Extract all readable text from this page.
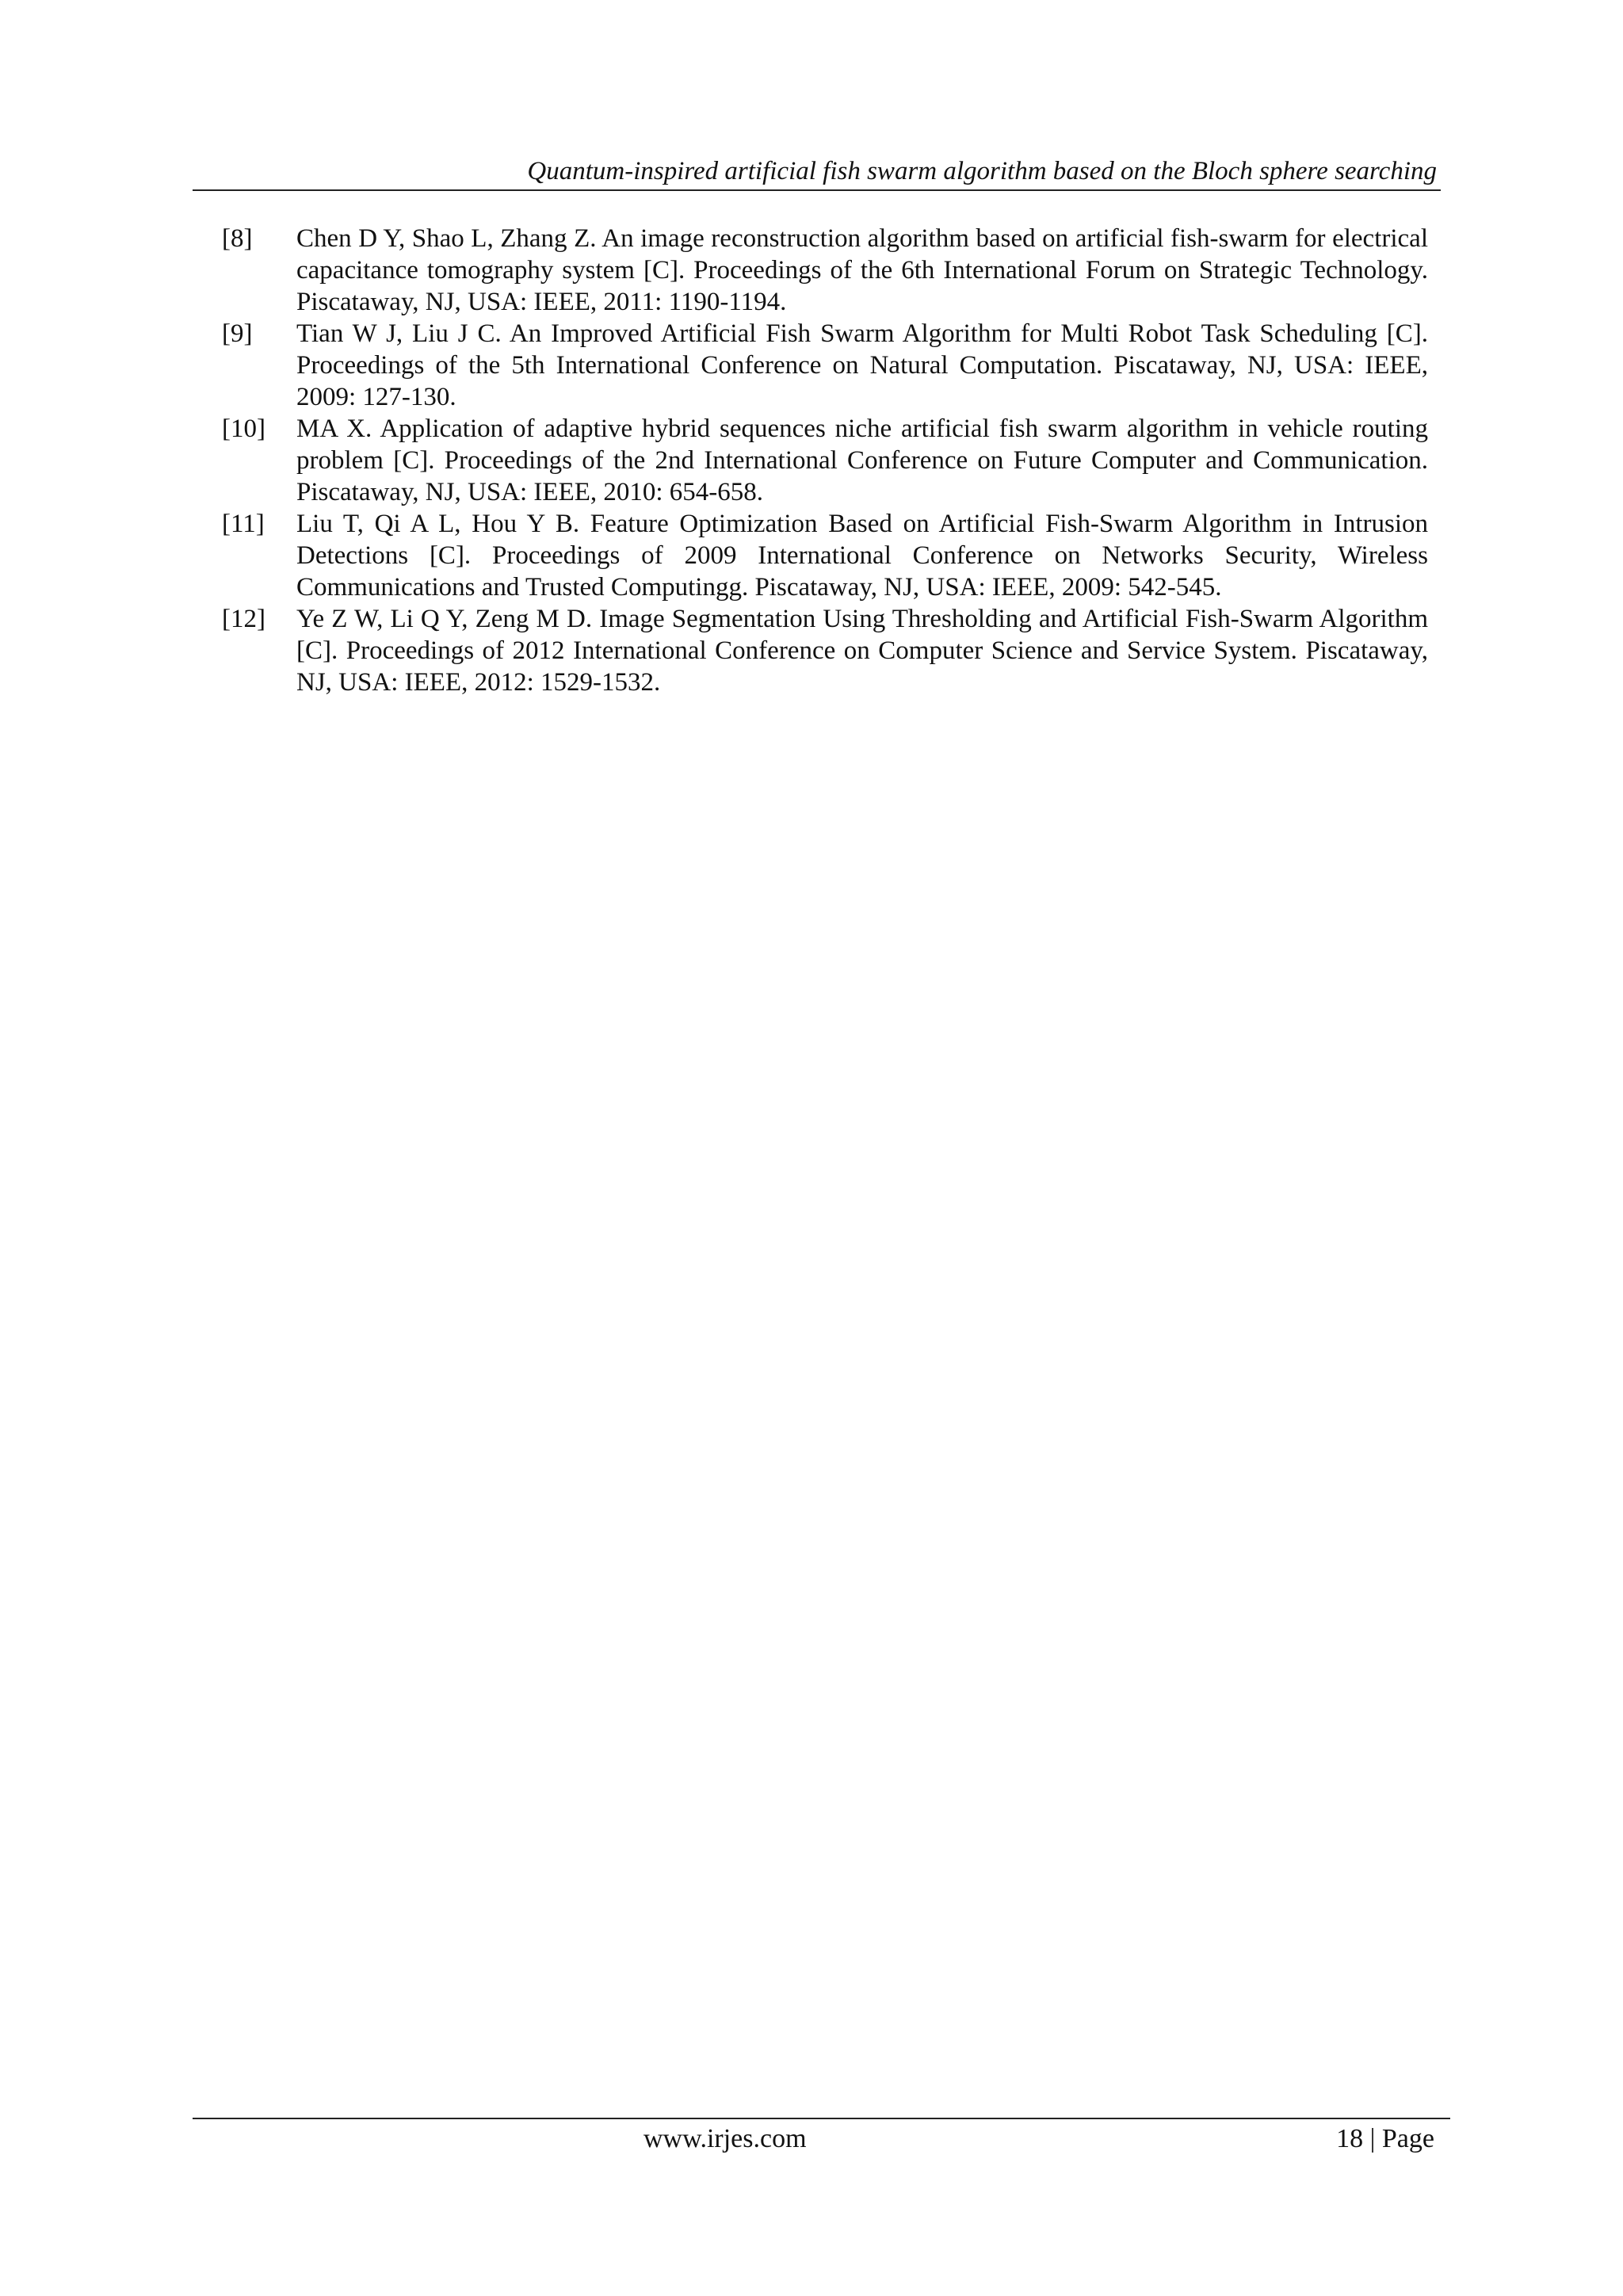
Quantum-inspired artificial fish swarm algorithm based on the Bloch sphere searching
[8]	Chen D Y, Shao L, Zhang Z. An image reconstruction algorithm based on artificial fish-swarm for electrical capacitance tomography system [C]. Proceedings of the 6th International Forum on Strategic Technology. Piscataway, NJ, USA: IEEE, 2011: 1190-1194.
[9]	Tian W J, Liu J C. An Improved Artificial Fish Swarm Algorithm for Multi Robot Task Scheduling [C]. Proceedings of the 5th International Conference on Natural Computation. Piscataway, NJ, USA: IEEE, 2009: 127-130.
[10]	MA X. Application of adaptive hybrid sequences niche artificial fish swarm algorithm in vehicle routing problem [C]. Proceedings of the 2nd International Conference on Future Computer and Communication. Piscataway, NJ, USA: IEEE, 2010: 654-658.
[11]	Liu T, Qi A L, Hou Y B. Feature Optimization Based on Artificial Fish-Swarm Algorithm in Intrusion Detections [C]. Proceedings of 2009 International Conference on Networks Security, Wireless Communications and Trusted Computingg. Piscataway, NJ, USA: IEEE, 2009: 542-545.
[12]	Ye Z W, Li Q Y, Zeng M D. Image Segmentation Using Thresholding and Artificial Fish-Swarm Algorithm [C]. Proceedings of 2012 International Conference on Computer Science and Service System. Piscataway, NJ, USA: IEEE, 2012: 1529-1532.
www.irjes.com	18 | Page
